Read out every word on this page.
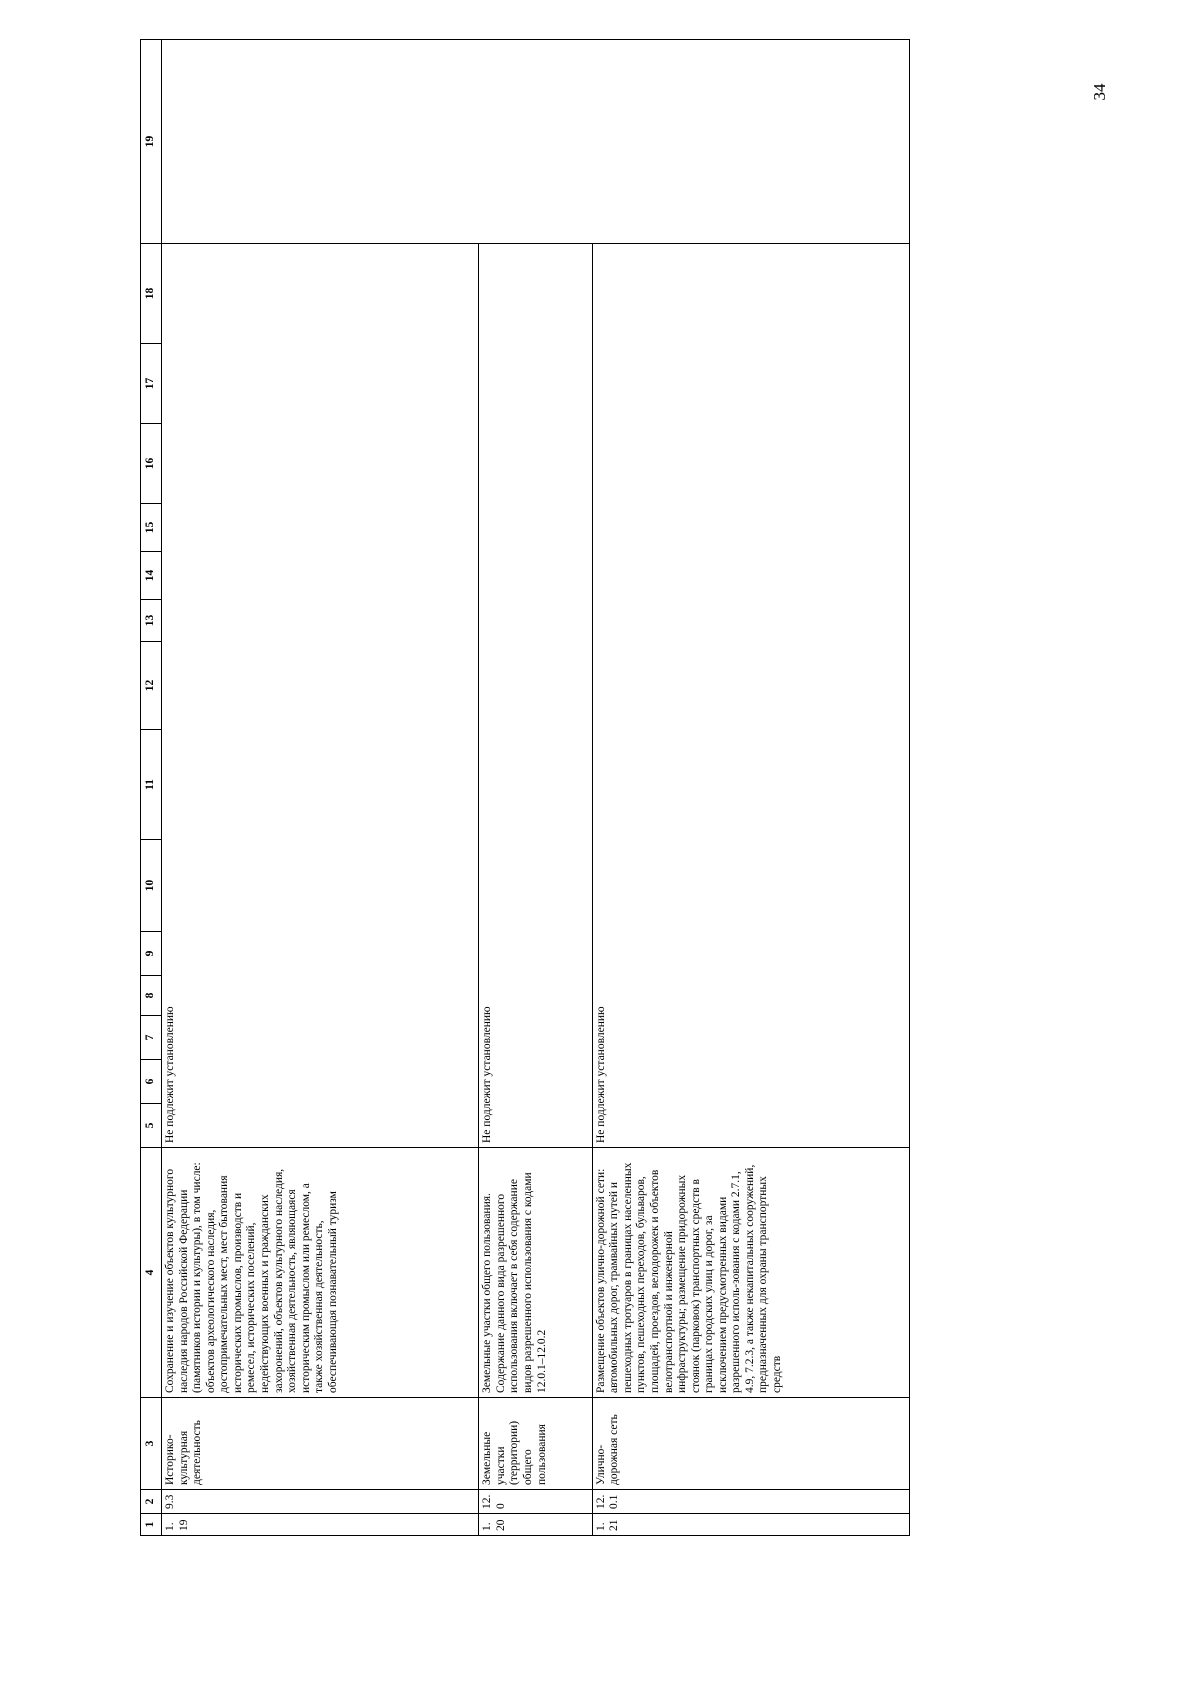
34
1	2	3	4	5	6	7	8	9	10	11	12	13	14	15	16	17	18	19
1.19	9.3	Историко-культурная деятельность	Сохранение и изучение объектов культурного наследия народов Российской Федерации (памятников истории и культуры), в том числе: объектов археологического наследия, достопримечательных мест, мест бытования исторических промыслов, производств и ремесел, исторических поселений, недействующих военных и гражданских захоронений, объектов культурного наследия, хозяйственная деятельность, являющаяся историческим промыслом или ремеслом, а также хозяйственная деятельность, обеспечивающая познавательный туризм	Не подлежит установлению														
1.20	12.0	Земельные участки (территории) общего пользования	Земельные участки общего пользования. Содержание данного вида разрешенного использования включает в себя содержание видов разрешенного использования с кодами 12.0.1–12.0.2	Не подлежит установлению														
1.21	12.0.1	Улично-дорожная сеть	Размещение объектов улично-дорожной сети: автомобильных дорог, трамвайных путей и пешеходных тротуаров в границах населенных пунктов, пешеходных переходов, бульваров, площадей, проездов, велодорожек и объектов велотранспортной и инженерной инфраструктуры; размещение придорожных стоянок (парковок) транспортных средств в границах городских улиц и дорог, за исключением предусмотренных видами разрешенного исполь-зования с кодами 2.7.1, 4.9, 7.2.3, а также некапитальных сооружений, предназначенных для охраны транспортных средств	Не подлежит установлению														
